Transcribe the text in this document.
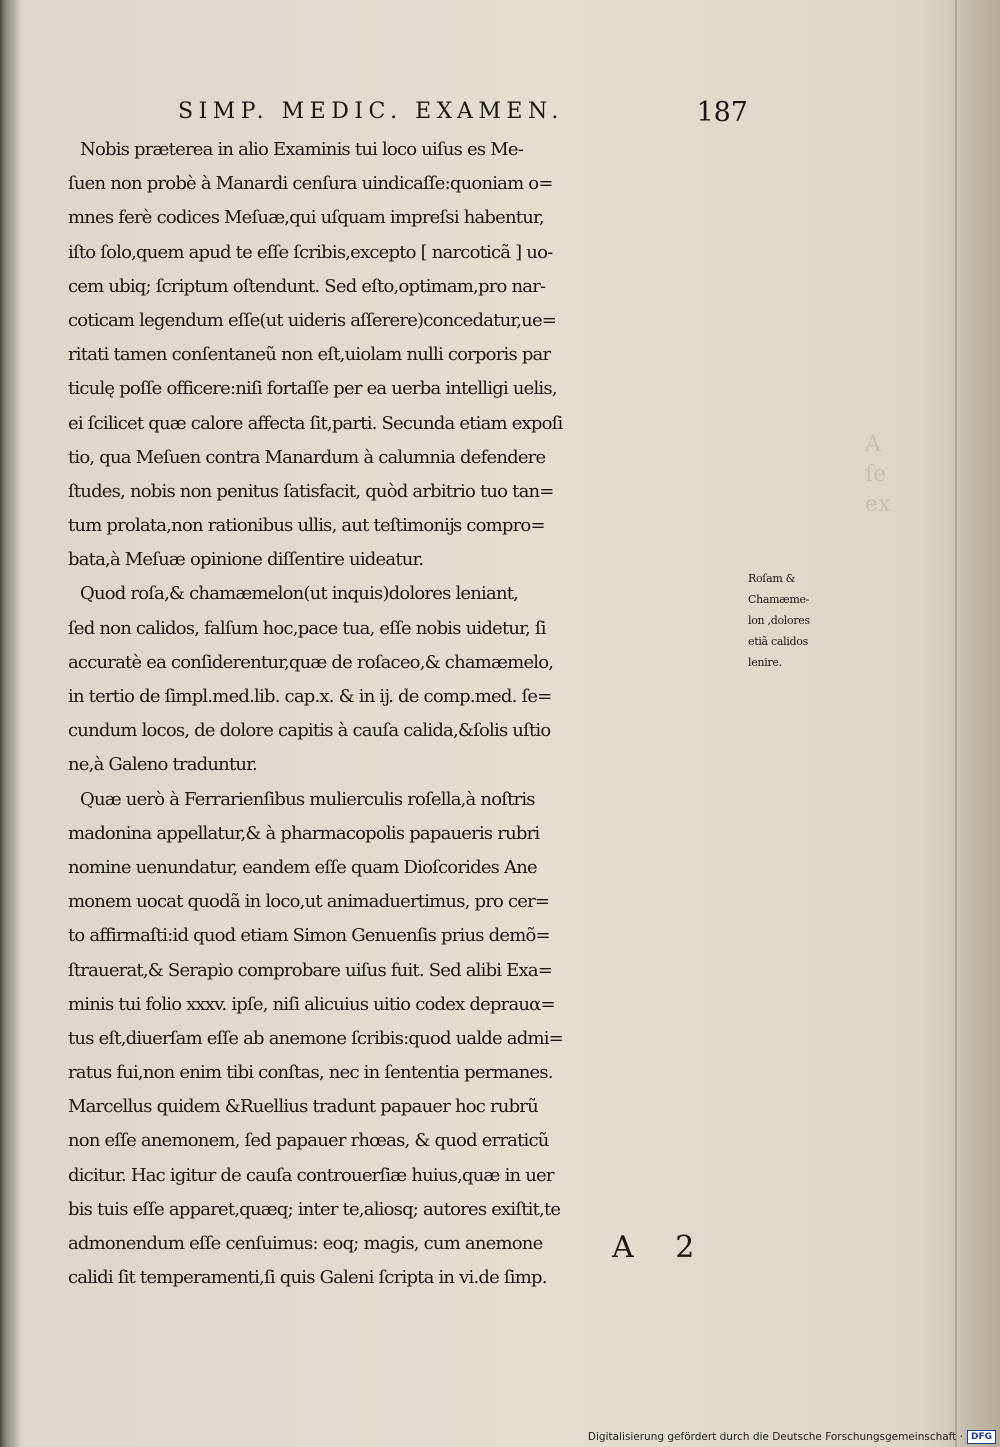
A
ſe
ex
SIMP. MEDIC. EXAMEN.	187
Nobis præterea in alio Examinis tui loco uiſus es Me-
ſuen non probè à Manardi cenſura uindicaſſe:quoniam o=
mnes ferè codices Meſuæ,qui uſquam impreſsi habentur,
iſto ſolo,quem apud te eſſe ſcribis,excepto [ narcoticã ] uo-
cem ubiq; ſcriptum oſtendunt. Sed eſto,optimam,pro nar-
coticam legendum eſſe(ut uideris aſſerere)concedatur,ue=
ritati tamen conſentaneũ non eſt,uiolam nulli corporis par
ticulę poſſe officere:niſi fortaſſe per ea uerba intelligi uelis,
ei ſcilicet quæ calore affecta ſit,parti. Secunda etiam expoſi
tio, qua Meſuen contra Manardum à calumnia defendere
ſtudes, nobis non penitus ſatisfacit, quòd arbitrio tuo tan=
tum prolata,non rationibus ullis, aut teſtimonĳs compro=
bata,à Meſuæ opinione diſſentire uideatur.
Quod roſa,& chamæmelon(ut inquis)dolores leniant,
ſed non calidos, falſum hoc,pace tua, eſſe nobis uidetur, ſi
accuratè ea conſiderentur,quæ de roſaceo,& chamæmelo,
in tertio de ſimpl.med.lib. cap.x. & in ĳ. de comp.med. ſe=
cundum locos, de dolore capitis à cauſa calida,&ſolis uſtio
ne,à Galeno traduntur.
Quæ uerò à Ferrarienſibus mulierculis roſella,à noſtris
madonina appellatur,& à pharmacopolis papaueris rubri
nomine uenundatur, eandem eſſe quam Dioſcorides Ane
monem uocat quodã in loco,ut animaduertimus, pro cer=
to affirmaſti:id quod etiam Simon Genuenſis prius demõ=
ſtrauerat,& Serapio comprobare uiſus fuit. Sed alibi Exa=
minis tui folio xxxv. ipſe, niſi alicuius uitio codex deprauα=
tus eſt,diuerſam eſſe ab anemone ſcribis:quod ualde admi=
ratus fui,non enim tibi conſtas, nec in ſententia permanes.
Marcellus quidem &Ruellius tradunt papauer hoc rubrũ
non eſſe anemonem, ſed papauer rhœas, & quod erraticũ
dicitur. Hac igitur de cauſa controuerſiæ huius,quæ in uer
bis tuis eſſe apparet,quæq; inter te,aliosq; autores exiſtit,te
admonendum eſſe cenſuimus: eoq; magis, cum anemone
calidi ſit temperamenti,ſi quis Galeni ſcripta in vi.de ſimp.
Roſam &
Chamæme-
lon ,dolores
etiã calidos
lenire.
A 2
Digitalisierung gefördert durch die Deutsche Forschungsgemeinschaft · DFG
